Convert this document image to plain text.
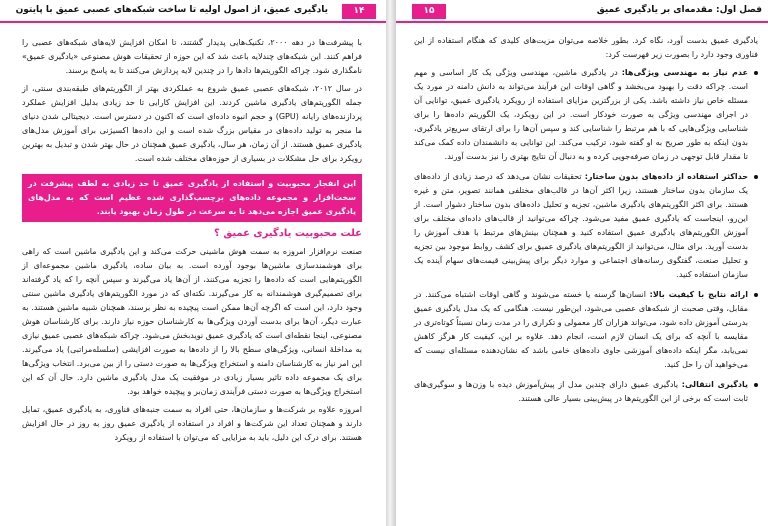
۱۴
یادگیری عمیق، از اصول اولیه تا ساخت شبکه‌های عصبی عمیق با پایتون

با پیشرفت‌ها در دهه ۲۰۰۰، تکنیک‌هایی پدیدار گشتند، تا امکان افزایش لایه‌های شبکه‌های عصبی را فراهم کنند. این شبکه‌های چندلایه باعث شد که این حوزه از تحقیقات هوش مصنوعی «یادگیری عمیق» نامگذاری شود. چراکه الگوریتم‌ها دادها را در چندین لایه پردازش می‌کنند تا به پاسخ برسند.

در سال ۲۰۱۲، شبکه‌های عصبی عمیق شروع به عملکردی بهتر از الگوریتم‌های طبقه‌بندی سنتی، از جمله الگوریتم‌های یادگیری ماشین کردند. این افزایش کارایی تا حد زیادی بدلیل افزایش عملکرد پردازنده‌های رایانه (GPU) و حجم انبوه داده‌ای است که اکنون در دسترس است. دیجیتالی شدن دنیای ما منجر به تولید داده‌های در مقیاس بزرگ شده است و این داده‌ها اکسیژنی برای آموزش مدل‌های یادگیری عمیق هستند. از آن زمان، هر سال، یادگیری عمیق همچنان در حال بهتر شدن و تبدیل به بهترین رویکرد برای حل مشکلات در بسیاری از حوزه‌های مختلف شده است.

این انفجار محبوبیت و استفاده از یادگیری عمیق تا حد زیادی به لطف پیشرفت در سخت‌افزار و مجموعه داده‌های برچسب‌گذاری شده عظیم است که به مدل‌های یادگیری عمیق اجازه می‌دهد تا به سرعت در طول زمان بهبود یابند.
علت محبوبیت یادگیری عمیق ؟

صنعت نرم‌افزار امروزه به سمت هوش ماشینی حرکت می‌کند و این یادگیری ماشین است که راهی برای هوشمندسازی ماشین‌ها بوجود آورده است. به بیان ساده، یادگیری ماشین مجموعه‌ای از الگوریتم‌هایی است که داده‌ها را تجزیه می‌کنند، از آن‌ها یاد می‌گیرند و سپس آنچه را که یاد گرفته‌اند برای تصمیم‌گیری هوشمندانه به کار می‌گیرند. نکته‌ای که در مورد الگوریتم‌های یادگیری ماشین سنتی وجود دارد، این است که اگرچه آن‌ها ممکن است پیچیده به نظر برسند، همچنان شبیه ماشین هستند. به عبارت دیگر، آن‌ها برای بدست آوردن ویژگی‌ها به کارشناسان حوزه نیاز دارند. برای کارشناسان هوش مصنوعی، اینجا نقطه‌ای است که یادگیری عمیق نویدبخش می‌شود. چراکه شبکه‌های عصبی عمیق نیازی به مداخلهٔ انسانی، ویژگی‌های سطح بالا را از داده‌ها به صورت افزایشی (سلسله‌مراتبی) یاد می‌گیرند. این امر نیاز به کارشناسان دامنه و استخراج ویژگی‌ها به صورت دستی را از بین می‌برد. انتخاب ویژگی‌ها برای یک مجموعه داده تاثیر بسیار زیادی در موفقیت یک مدل یادگیری ماشین دارد. حال آن که این استخراج ویژگی‌ها به صورت دستی فرآیندی زمان‌بر و پیچیده خواهد بود.

امروزه علاوه بر شرکت‌ها و سازمان‌ها، حتی افراد به سمت جنبه‌های فناوری، به یادگیری عمیق، تمایل دارند و همچنان تعداد این شرکت‌ها و افراد در استفاده از یادگیری عمیق روز به روز در حال افزایش هستند. برای درک این دلیل، باید به مزایایی که می‌توان با استفاده از رویکرد

۱۵	فصل اول: مقدمه‌ای بر یادگیری عمیق

یادگیری عمیق بدست آورد، نگاه کرد. بطور خلاصه می‌توان مزیت‌های کلیدی که هنگام استفاده از این فناوری وجود دارد را بصورت زیر فهرست کرد:

عدم نیاز به مهندسی ویژگی‌ها: در یادگیری ماشین، مهندسی ویژگی یک کار اساسی و مهم است. چراکه دقت را بهبود می‌بخشد و گاهی اوقات این فرآیند می‌تواند به دانش دامنه در مورد یک مسئله خاص نیاز داشته باشد. یکی از بزرگترین مزایای استفاده از رویکرد یادگیری عمیق، توانایی آن در اجرای مهندسی ویژگی به صورت خودکار است. در این رویکرد، یک الگوریتم داده‌ها را برای شناسایی ویژگی‌هایی که با هم مرتبط را شناسایی کند و سپس آن‌ها را برای ارتقای سریع‌تر یادگیری، بدون اینکه به طور صریح به او گفته شود، ترکیب می‌کند. این توانایی به دانشمندان داده کمک می‌کند تا مقدار قابل توجهی در زمان صرفه‌جویی کرده و به دنبال آن نتایج بهتری را نیز بدست آورند.
حداکثر استفاده از داده‌های بدون ساختار: تحقیقات نشان می‌دهد که درصد زیادی از داده‌های یک سازمان بدون ساختار هستند، زیرا اکثر آن‌ها در قالب‌های مختلفی همانند تصویر، متن و غیره هستند. برای اکثر الگوریتم‌های یادگیری ماشین، تجزیه و تحلیل داده‌های بدون ساختار دشوار است. از این‌رو، اینجاست که یادگیری عمیق مفید می‌شود. چراکه می‌توانید از قالب‌های داده‌ای مختلف برای آموزش الگوریتم‌های یادگیری عمیق استفاده کنید و همچنان بینش‌های مرتبط با هدف آموزش را بدست آورید. برای مثال، می‌توانید از الگوریتم‌های یادگیری عمیق برای کشف روابط موجود بین تجزیه و تحلیل صنعت، گفتگوی رسانه‌های اجتماعی و موارد دیگر برای پیش‌بینی قیمت‌های سهام آینده یک سازمان استفاده کنید.
ارائه نتایج با کیفیت بالا: انسان‌ها گرسنه یا خسته می‌شوند و گاهی اوقات اشتباه می‌کنند. در مقابل، وقتی صحبت از شبکه‌های عصبی می‌شود، این‌طور نیست. هنگامی که یک مدل یادگیری عمیق بدرستی آموزش داده شود، می‌تواند هزاران کار معمولی و تکراری را در مدت زمان نسبتاً کوتاه‌تری در مقایسه با آنچه که برای یک انسان لازم است، انجام دهد. علاوه بر این، کیفیت کار هرگز کاهش نمی‌یابد، مگر اینکه داده‌های آموزشی حاوی داده‌های خامی باشد که نشان‌دهنده مسئله‌ای نیست که می‌خواهید آن را حل کنید.
یادگیری انتقالی: یادگیری عمیق دارای چندین مدل از پیش‌آموزش دیده با وزن‌ها و سوگیری‌های ثابت است که برخی از این الگوریتم‌ها در پیش‌بینی بسیار عالی هستند.
